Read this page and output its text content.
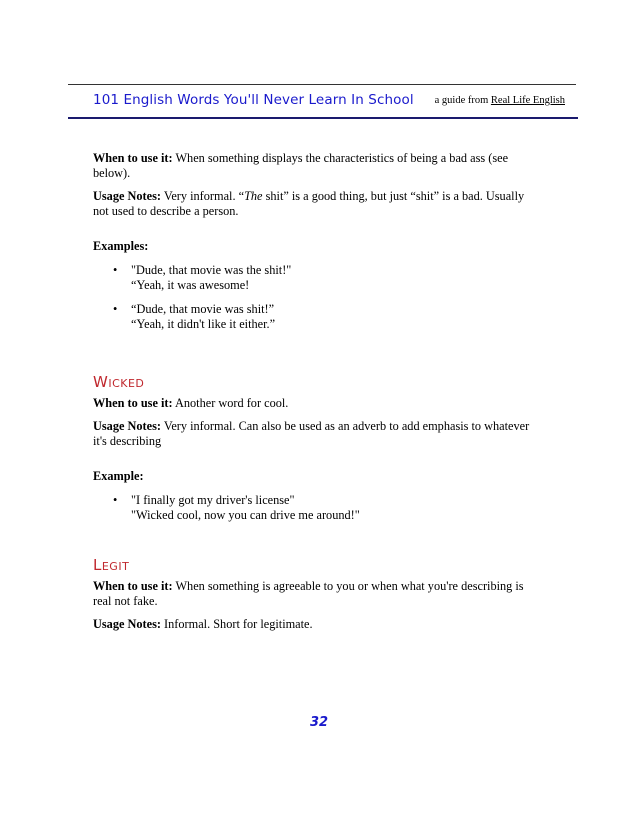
101 English Words You'll Never Learn In School a guide from Real Life English

When to use it: When something displays the characteristics of being a bad ass (see below).

Usage Notes: Very informal. “The shit” is a good thing, but just “shit” is a bad. Usually not used to describe a person.

Examples:

• "Dude, that movie was the shit!"
“Yeah, it was awesome!
• “Dude, that movie was shit!”
“Yeah, it didn't like it either.”

Wicked

When to use it: Another word for cool.

Usage Notes: Very informal. Can also be used as an adverb to add emphasis to whatever it's describing

Example:

• "I finally got my driver's license"
"Wicked cool, now you can drive me around!"

Legit

When to use it: When something is agreeable to you or when what you're describing is real not fake.

Usage Notes: Informal. Short for legitimate.

32
